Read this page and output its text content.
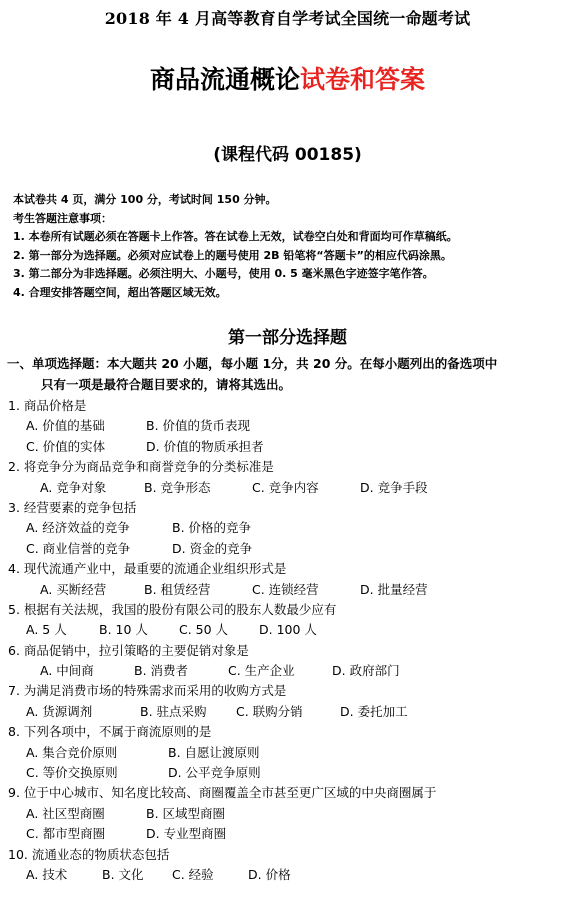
2018 年 4 月高等教育自学考试全国统一命题考试
商品流通概论试卷和答案
(课程代码 00185)
本试卷共 4 页，满分 100 分，考试时间 150 分钟。
考生答题注意事项：
1. 本卷所有试题必须在答题卡上作答。答在试卷上无效，试卷空白处和背面均可作草稿纸。
2. 第一部分为选择题。必须对应试卷上的题号使用 2B 铅笔将“答题卡”的相应代码涂黑。
3. 第二部分为非选择题。必须注明大、小题号，使用 0. 5 毫米黑色字迹签字笔作答。
4. 合理安排答题空间，超出答题区域无效。
第一部分选择题
一、单项选择题：本大题共 20 小题，每小题 1分，共 20 分。在每小题列出的备选项中
只有一项是最符合题目要求的，请将其选出。
1. 商品价格是
A. 价值的基础	B. 价值的货币表现
C. 价值的实体	D. 价值的物质承担者
2. 将竞争分为商品竞争和商誉竞争的分类标准是
A. 竞争对象	B. 竞争形态	C. 竞争内容	D. 竞争手段
3. 经营要素的竞争包括
A. 经济效益的竞争	B. 价格的竞争
C. 商业信誉的竞争	D. 资金的竞争
4. 现代流通产业中，最重要的流通企业组织形式是
A. 买断经营	B. 租赁经营	C. 连锁经营	D. 批量经营
5. 根据有关法规，我国的股份有限公司的股东人数最少应有
A. 5 人	B. 10 人 C. 50 人 D. 100 人
6. 商品促销中，拉引策略的主要促销对象是
A. 中间商	B. 消费者	C. 生产企业	D. 政府部门
7. 为满足消费市场的特殊需求而采用的收购方式是
A. 货源调剂	B. 驻点采购 C. 联购分销	D. 委托加工
8. 下列各项中，不属于商流原则的是
A. 集合竞价原则	B. 自愿让渡原则
C. 等价交换原则	D. 公平竞争原则
9. 位于中心城市、知名度比较高、商圈覆盖全市甚至更广区域的中央商圈属于
A. 社区型商圈	B. 区域型商圈
C. 都市型商圈	D. 专业型商圈
10. 流通业态的物质状态包括
A. 技术	B. 文化 C. 经验	D. 价格
